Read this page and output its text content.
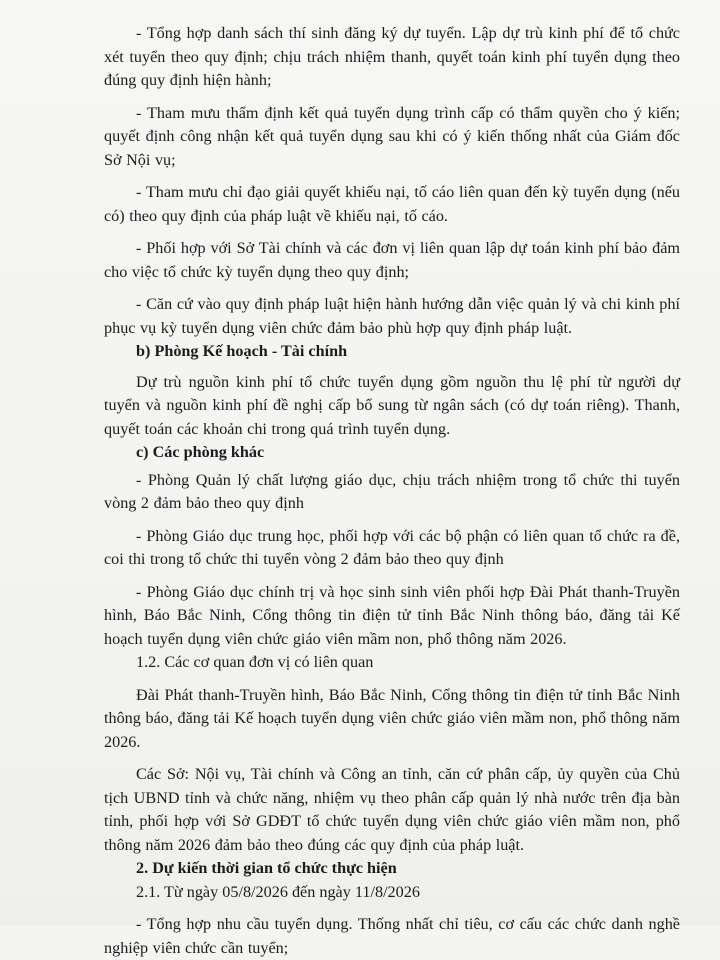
- Tổng hợp danh sách thí sinh đăng ký dự tuyển. Lập dự trù kinh phí để tổ chức xét tuyển theo quy định; chịu trách nhiệm thanh, quyết toán kinh phí tuyển dụng theo đúng quy định hiện hành;

- Tham mưu thẩm định kết quả tuyển dụng trình cấp có thẩm quyền cho ý kiến; quyết định công nhận kết quả tuyển dụng sau khi có ý kiến thống nhất của Giám đốc Sở Nội vụ;

- Tham mưu chỉ đạo giải quyết khiếu nại, tố cáo liên quan đến kỳ tuyển dụng (nếu có) theo quy định của pháp luật về khiếu nại, tố cáo.

- Phối hợp với Sở Tài chính và các đơn vị liên quan lập dự toán kinh phí bảo đảm cho việc tổ chức kỳ tuyển dụng theo quy định;

- Căn cứ vào quy định pháp luật hiện hành hướng dẫn việc quản lý và chi kinh phí phục vụ kỳ tuyển dụng viên chức đảm bảo phù hợp quy định pháp luật.

b) Phòng Kế hoạch - Tài chính

Dự trù nguồn kinh phí tổ chức tuyển dụng gồm nguồn thu lệ phí từ người dự tuyển và nguồn kinh phí đề nghị cấp bổ sung từ ngân sách (có dự toán riêng). Thanh, quyết toán các khoản chi trong quá trình tuyển dụng.

c) Các phòng khác

- Phòng Quản lý chất lượng giáo dục, chịu trách nhiệm trong tổ chức thi tuyển vòng 2 đảm bảo theo quy định

- Phòng Giáo dục trung học, phối hợp với các bộ phận có liên quan tổ chức ra đề, coi thi trong tổ chức thi tuyển vòng 2 đảm bảo theo quy định

- Phòng Giáo dục chính trị và học sinh sinh viên phối hợp Đài Phát thanh-Truyền hình, Báo Bắc Ninh, Cổng thông tin điện tử tỉnh Bắc Ninh thông báo, đăng tải Kế hoạch tuyển dụng viên chức giáo viên mầm non, phổ thông năm 2026.

1.2. Các cơ quan đơn vị có liên quan

Đài Phát thanh-Truyền hình, Báo Bắc Ninh, Cổng thông tin điện tử tỉnh Bắc Ninh thông báo, đăng tải Kế hoạch tuyển dụng viên chức giáo viên mầm non, phổ thông năm 2026.

Các Sở: Nội vụ, Tài chính và Công an tỉnh, căn cứ phân cấp, ủy quyền của Chủ tịch UBND tỉnh và chức năng, nhiệm vụ theo phân cấp quản lý nhà nước trên địa bàn tỉnh, phối hợp với Sở GDĐT tổ chức tuyển dụng viên chức giáo viên mầm non, phổ thông năm 2026 đảm bảo theo đúng các quy định của pháp luật.

2. Dự kiến thời gian tổ chức thực hiện

2.1. Từ ngày 05/8/2026 đến ngày 11/8/2026

- Tổng hợp nhu cầu tuyển dụng. Thống nhất chỉ tiêu, cơ cấu các chức danh nghề nghiệp viên chức cần tuyển;
